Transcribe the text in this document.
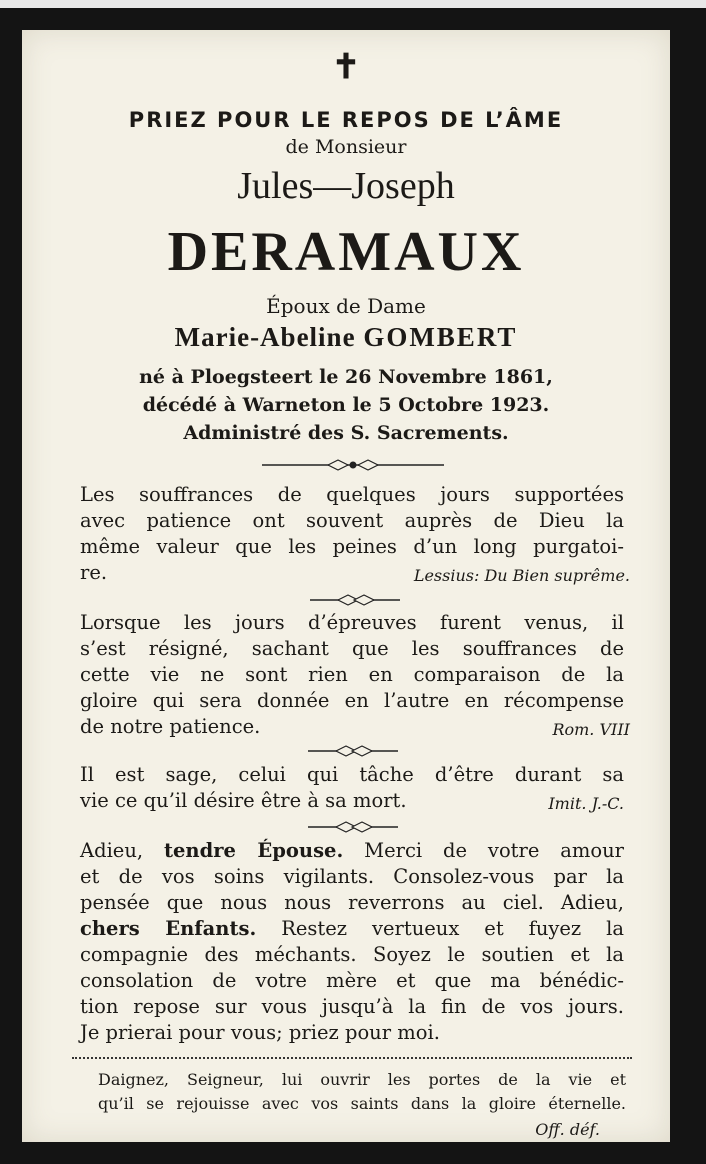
✝
PRIEZ POUR LE REPOS DE L’ÂME
de Monsieur
Jules—Joseph
DERAMAUX
Époux de Dame
Marie-Abeline GOMBERT
né à Ploegsteert le 26 Novembre 1861,
décédé à Warneton le 5 Octobre 1923.
Administré des S. Sacrements.
Les souffrances de quelques jours supportées
avec patience ont souvent auprès de Dieu la
même valeur que les peines d’un long purgatoi-
re.	Lessius: Du Bien suprême.
Lorsque les jours d’épreuves furent venus, il
s’est résigné, sachant que les souffrances de
cette vie ne sont rien en comparaison de la
gloire qui sera donnée en l’autre en récompense
de notre patience.	Rom. VIII
Il est sage, celui qui tâche d’être durant sa
vie ce qu’il désire être à sa mort.	Imit. J.-C.
Adieu, tendre Épouse. Merci de votre amour
et de vos soins vigilants. Consolez-vous par la
pensée que nous nous reverrons au ciel. Adieu,
chers Enfants. Restez vertueux et fuyez la
compagnie des méchants. Soyez le soutien et la
consolation de votre mère et que ma bénédic-
tion repose sur vous jusqu’à la fin de vos jours.
Je prierai pour vous; priez pour moi.
Daignez, Seigneur, lui ouvrir les portes de la vie et
qu’il se rejouisse avec vos saints dans la gloire éternelle.
Off. déf.
